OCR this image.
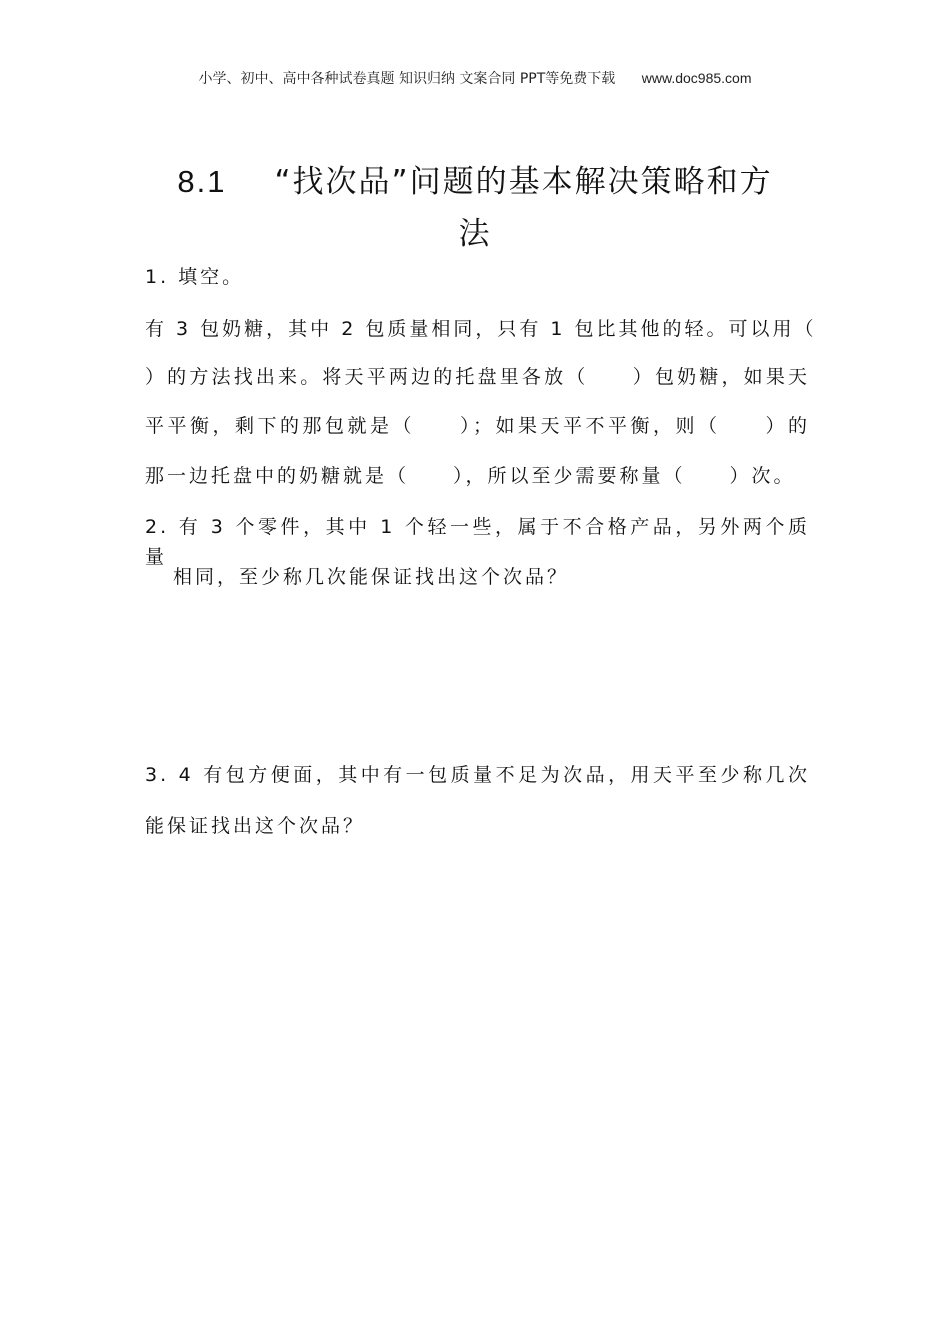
小学、初中、高中各种试卷真题 知识归纳 文案合同 PPT等免费下载 www.doc985.com
8.1 “找次品”问题的基本解决策略和方
法
1. 填空。
有 3 包奶糖，其中 2 包质量相同，只有 1 包比其他的轻。可以用（
）的方法找出来。将天平两边的托盘里各放（　　）包奶糖，如果天
平平衡，剩下的那包就是（　　）；如果天平不平衡，则（　　）的
那一边托盘中的奶糖就是（　　），所以至少需要称量（　　）次。
2. 有 3 个零件，其中 1 个轻一些，属于不合格产品，另外两个质量
相同，至少称几次能保证找出这个次品？
3. 4 有包方便面，其中有一包质量不足为次品，用天平至少称几次
能保证找出这个次品？
